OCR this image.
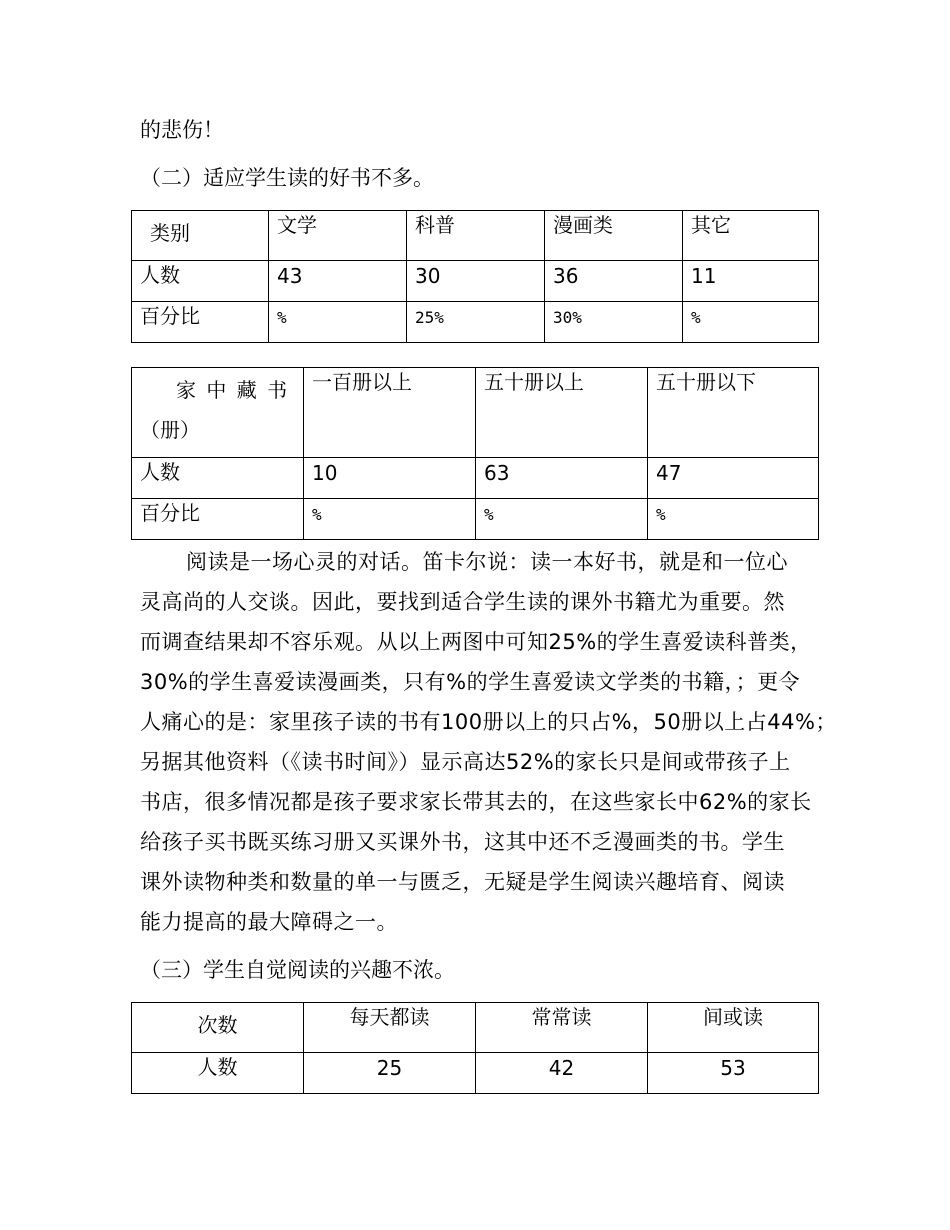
的悲伤！
（二）适应学生读的好书不多。
类别	文学	科普	漫画类	其它

人数	43	30	36	11

百分比	%	25%	30%	%
家 中 藏 书
（册）	一百册以上	五十册以上	五十册以下

人数	10	63	47

百分比	%	%	%
阅读是一场心灵的对话。笛卡尔说：读一本好书，就是和一位心
灵高尚的人交谈。因此，要找到适合学生读的课外书籍尤为重要。然
而调查结果却不容乐观。从以上两图中可知25%的学生喜爱读科普类，
30%的学生喜爱读漫画类，只有%的学生喜爱读文学类的书籍，；更令
人痛心的是：家里孩子读的书有100册以上的只占%，50册以上占44%；
另据其他资料（《读书时间》）显示高达52%的家长只是间或带孩子上
书店，很多情况都是孩子要求家长带其去的，在这些家长中62%的家长
给孩子买书既买练习册又买课外书，这其中还不乏漫画类的书。学生
课外读物种类和数量的单一与匮乏，无疑是学生阅读兴趣培育、阅读
能力提高的最大障碍之一。
（三）学生自觉阅读的兴趣不浓。
次数	每天都读	常常读	间或读

人数	25	42	53
